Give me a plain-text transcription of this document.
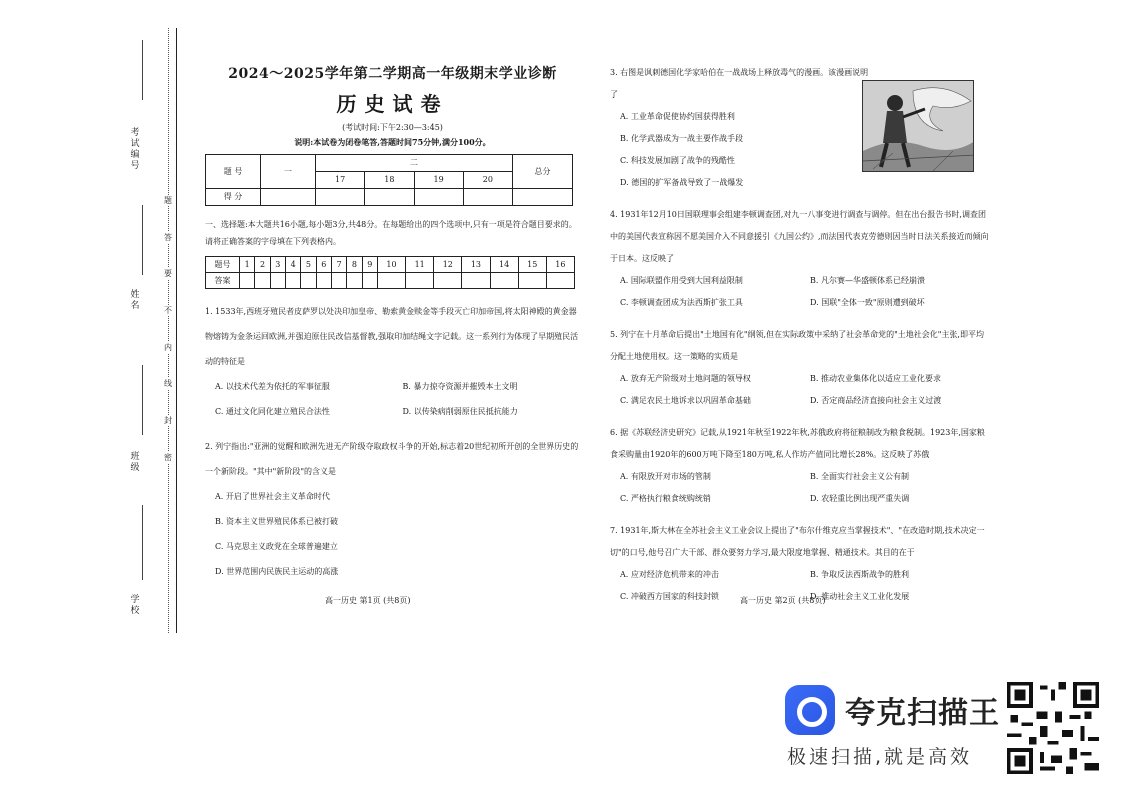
考试编号
姓 名
班 级
学 校
题
答
要
不
内
线
封
密
2024～2025学年第二学期高一年级期末学业诊断
历史试卷
(考试时间:下午2:30—3:45)
说明:本试卷为闭卷笔答,答题时间75分钟,满分100分。
题 号	一	二				总分
		17	18	19	20	
得 分						
一、选择题:本大题共16小题,每小题3分,共48分。在每题给出的四个选项中,只有一项是符合题目要求的。请将正确答案的字母填在下列表格内。
题号	1	2	3	4	5	6	7	8	9	10	11	12	13	14	15	16
答案																
1. 1533年,西班牙殖民者皮萨罗以处决印加皇帝、勒索黄金赎金等手段灭亡印加帝国,将太阳神殿的黄金器物熔铸为金条运回欧洲,并强迫原住民改信基督教,强取印加结绳文字记载。这一系列行为体现了早期殖民活动的特征是
A. 以技术代差为依托的军事征服	B. 暴力掠夺资源并摧毁本土文明
C. 通过文化同化建立殖民合法性	D. 以传染病削弱原住民抵抗能力
2. 列宁指出:"亚洲的觉醒和欧洲先进无产阶级夺取政权斗争的开始,标志着20世纪初所开创的全世界历史的一个新阶段。"其中"新阶段"的含义是
A. 开启了世界社会主义革命时代
B. 资本主义世界殖民体系已被打破
C. 马克思主义政党在全球普遍建立
D. 世界范围内民族民主运动的高涨
3. 右图是讽刺德国化学家哈伯在一战战场上释放毒气的漫画。该漫画说明了
A. 工业革命促使协约国获得胜利
B. 化学武器成为一战主要作战手段
C. 科技发展加剧了战争的残酷性
D. 德国的扩军备战导致了一战爆发
4. 1931年12月10日国联理事会组建李顿调查团,对九一八事变进行调查与调停。但在出台报告书时,调查团中的美国代表宣称因不愿美国介入不同意援引《九国公约》,而法国代表克劳德则因当时日法关系接近而倾向于日本。这反映了
A. 国际联盟作用受到大国利益限制	B. 凡尔赛—华盛顿体系已经崩溃
C. 李顿调查团成为法西斯扩张工具	D. 国联"全体一致"原则遭到破坏
5. 列宁在十月革命后提出"土地国有化"纲领,但在实际政策中采纳了社会革命党的"土地社会化"主张,即平均分配土地使用权。这一策略的实质是
A. 放弃无产阶级对土地问题的领导权	B. 推动农业集体化以适应工业化要求
C. 满足农民土地诉求以巩固革命基础	D. 否定商品经济直接向社会主义过渡
6. 据《苏联经济史研究》记载,从1921年秋至1922年秋,苏俄政府将征粮制改为粮食税制。1923年,国家粮食采购量由1920年的600万吨下降至180万吨,私人作坊产值同比增长28%。这反映了苏俄
A. 有限放开对市场的管制	B. 全面实行社会主义公有制
C. 严格执行粮食统购统销	D. 农轻重比例出现严重失调
7. 1931年,斯大林在全苏社会主义工业会议上提出了"布尔什维克应当掌握技术"、"在改造时期,技术决定一切"的口号,他号召广大干部、群众要努力学习,最大限度地掌握、精通技术。其目的在于
A. 应对经济危机带来的冲击	B. 争取反法西斯战争的胜利
C. 冲破西方国家的科技封锁	D. 推动社会主义工业化发展
高一历史 第1页 (共8页)	高一历史 第2页 (共8页)
夸克扫描王
极速扫描,就是高效
